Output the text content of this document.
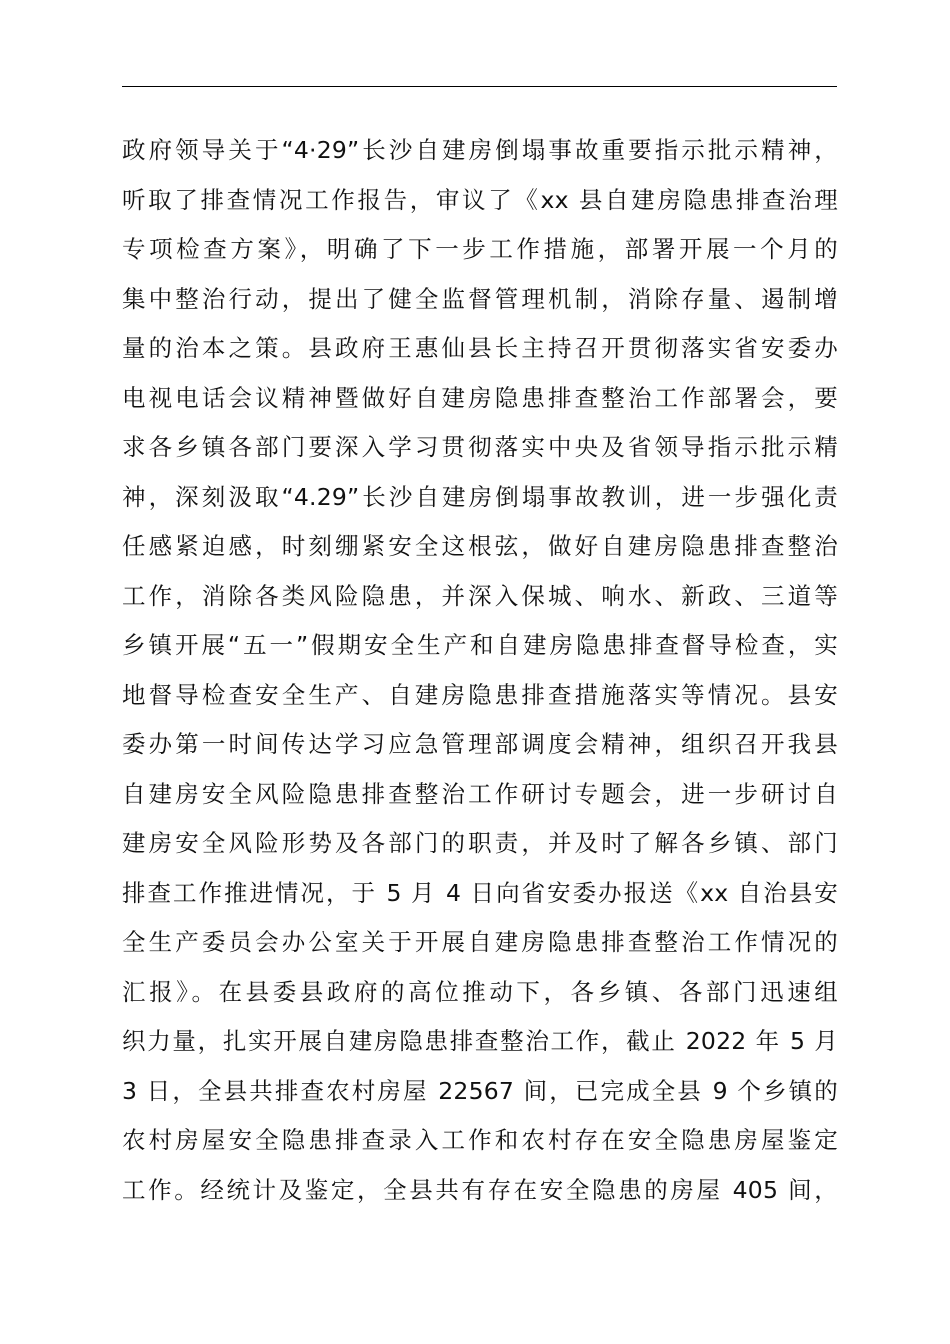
政府领导关于“4·29”长沙自建房倒塌事故重要指示批示精神，
听取了排查情况工作报告，审议了《xx 县自建房隐患排查治理
专项检查方案》，明确了下一步工作措施，部署开展一个月的
集中整治行动，提出了健全监督管理机制，消除存量、遏制增
量的治本之策。县政府王惠仙县长主持召开贯彻落实省安委办
电视电话会议精神暨做好自建房隐患排查整治工作部署会，要
求各乡镇各部门要深入学习贯彻落实中央及省领导指示批示精
神，深刻汲取“4.29”长沙自建房倒塌事故教训，进一步强化责
任感紧迫感，时刻绷紧安全这根弦，做好自建房隐患排查整治
工作，消除各类风险隐患，并深入保城、响水、新政、三道等
乡镇开展“五一”假期安全生产和自建房隐患排查督导检查，实
地督导检查安全生产、自建房隐患排查措施落实等情况。县安
委办第一时间传达学习应急管理部调度会精神，组织召开我县
自建房安全风险隐患排查整治工作研讨专题会，进一步研讨自
建房安全风险形势及各部门的职责，并及时了解各乡镇、部门
排查工作推进情况，于 5 月 4 日向省安委办报送《xx 自治县安
全生产委员会办公室关于开展自建房隐患排查整治工作情况的
汇报》。在县委县政府的高位推动下，各乡镇、各部门迅速组
织力量，扎实开展自建房隐患排查整治工作，截止 2022 年 5 月
3 日，全县共排查农村房屋 22567 间，已完成全县 9 个乡镇的
农村房屋安全隐患排查录入工作和农村存在安全隐患房屋鉴定
工作。经统计及鉴定，全县共有存在安全隐患的房屋 405 间，
